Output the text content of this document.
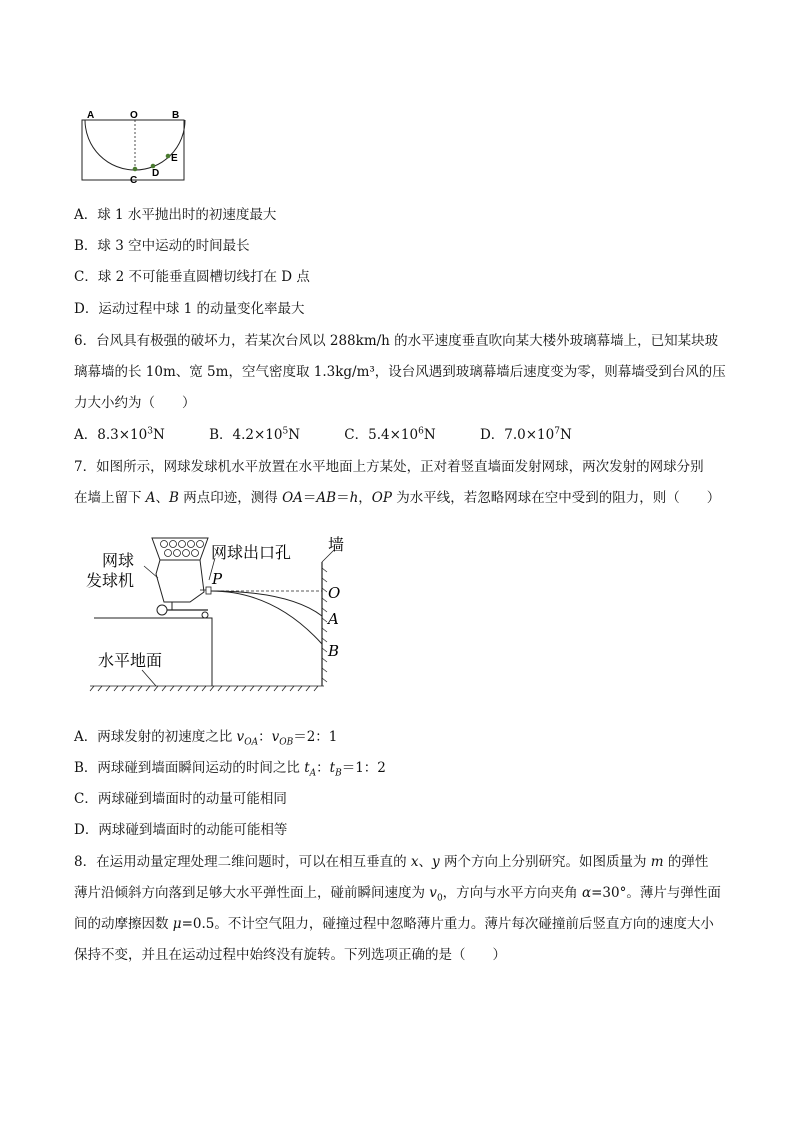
A	O	B
C
D
E

A．球 1 水平抛出时的初速度最大

B．球 3 空中运动的时间最长

C．球 2 不可能垂直圆槽切线打在 D 点

D．运动过程中球 1 的动量变化率最大

6．台风具有极强的破坏力，若某次台风以 288km/h 的水平速度垂直吹向某大楼外玻璃幕墙上，已知某块玻

璃幕墙的长 10m、宽 5m，空气密度取 1.3kg/m³，设台风遇到玻璃幕墙后速度变为零，则幕墙受到台风的压

力大小约为（　　）

A．$8.3\times 10^3N$	B．$4.2\times 10^5N$	C．$5.4\times 10^6N$	D．$7.0\times 10^7N$

7．如图所示，网球发球机水平放置在水平地面上方某处，正对着竖直墙面发射网球，两次发射的网球分别

在墙上留下 A、B 两点印迹，测得 OA＝AB＝h，OP 为水平线，若忽略网球在空中受到的阻力，则（　　）

网球
发球机
网球出口孔 墙
P
O
A
B
水平地面

A．两球发射的初速度之比 $v_{OA}$：$v_{OB}=2$：1

B．两球碰到墙面瞬间运动的时间之比 $t_A$：$t_B=1$：2

C．两球碰到墙面时的动量可能相同

D．两球碰到墙面时的动能可能相等

8．在运用动量定理处理二维问题时，可以在相互垂直的 x、y 两个方向上分别研究。如图质量为 m 的弹性

薄片沿倾斜方向落到足够大水平弹性面上，碰前瞬间速度为 $v_0$，方向与水平方向夹角 α=30°。薄片与弹性面

间的动摩擦因数 μ=0.5。不计空气阻力，碰撞过程中忽略薄片重力。薄片每次碰撞前后竖直方向的速度大小

保持不变，并且在运动过程中始终没有旋转。下列选项正确的是（　　）
